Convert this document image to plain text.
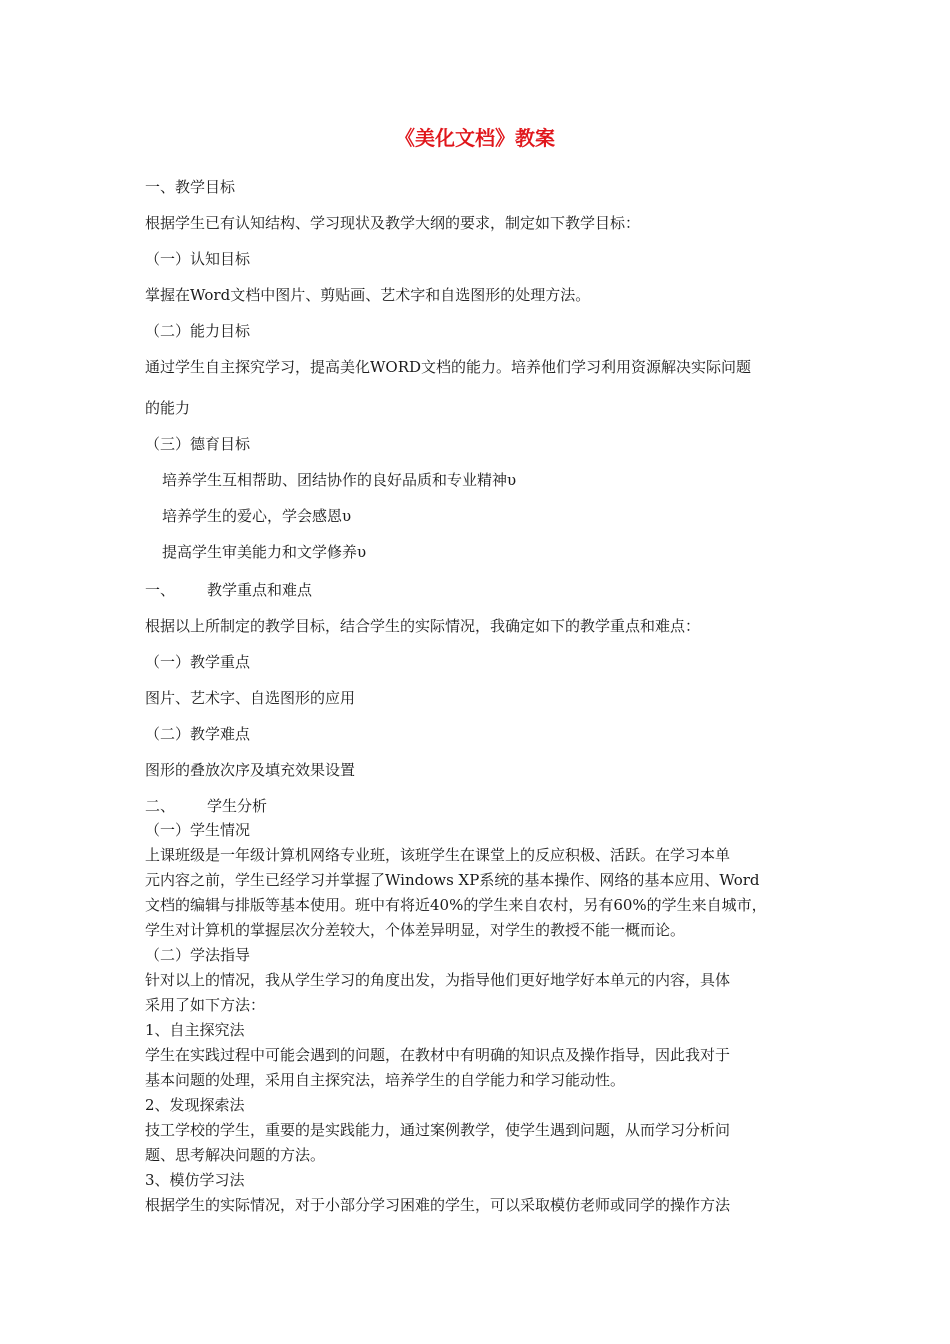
《美化文档》教案
一、教学目标
根据学生已有认知结构、学习现状及教学大纲的要求，制定如下教学目标：
（一）认知目标
掌握在Word文档中图片、剪贴画、艺术字和自选图形的处理方法。
（二）能力目标
通过学生自主探究学习，提高美化WORD文档的能力。培养他们学习利用资源解决实际问题
的能力
（三）德育目标
培养学生互相帮助、团结协作的良好品质和专业精神υ
培养学生的爱心，学会感恩υ
提高学生审美能力和文学修养υ
一、 教学重点和难点
根据以上所制定的教学目标，结合学生的实际情况，我确定如下的教学重点和难点：
（一）教学重点
图片、艺术字、自选图形的应用
（二）教学难点
图形的叠放次序及填充效果设置
二、 学生分析
（一）学生情况
上课班级是一年级计算机网络专业班，该班学生在课堂上的反应积极、活跃。在学习本单
元内容之前，学生已经学习并掌握了Windows XP系统的基本操作、网络的基本应用、Word
文档的编辑与排版等基本使用。班中有将近40%的学生来自农村，另有60%的学生来自城市，
学生对计算机的掌握层次分差较大，个体差异明显，对学生的教授不能一概而论。
（二）学法指导
针对以上的情况，我从学生学习的角度出发，为指导他们更好地学好本单元的内容，具体
采用了如下方法：
1、自主探究法
学生在实践过程中可能会遇到的问题，在教材中有明确的知识点及操作指导，因此我对于
基本问题的处理，采用自主探究法，培养学生的自学能力和学习能动性。
2、发现探索法
技工学校的学生，重要的是实践能力，通过案例教学，使学生遇到问题，从而学习分析问
题、思考解决问题的方法。
3、模仿学习法
根据学生的实际情况，对于小部分学习困难的学生，可以采取模仿老师或同学的操作方法
